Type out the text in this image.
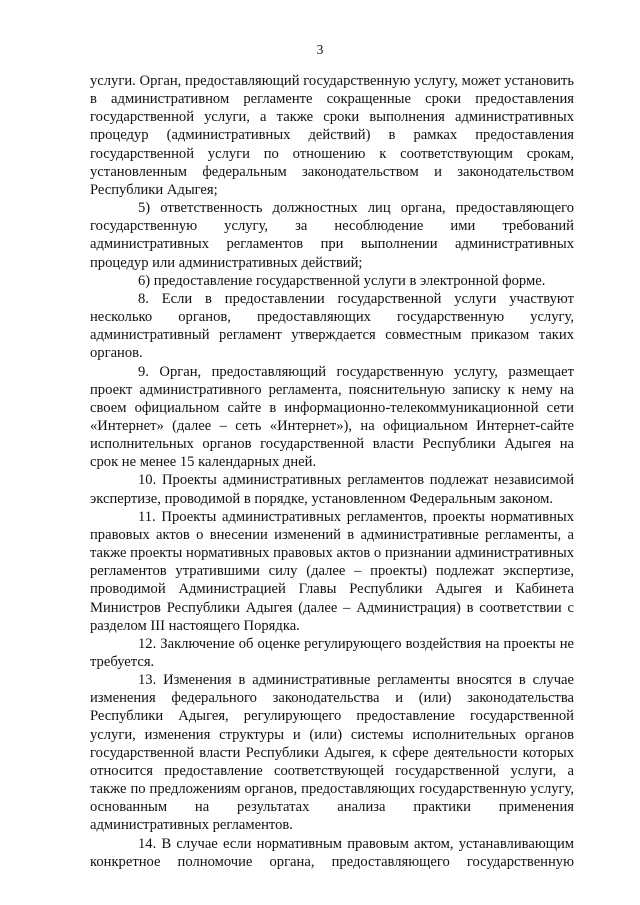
3

услуги. Орган, предоставляющий государственную услугу, может установить в административном регламенте сокращенные сроки предоставления государственной услуги, а также сроки выполнения административных процедур (административных действий) в рамках предоставления государственной услуги по отношению к соответствующим срокам, установленным федеральным законодательством и законодательством Республики Адыгея;

5) ответственность должностных лиц органа, предоставляющего государственную услугу, за несоблюдение ими требований административных регламентов при выполнении административных процедур или административных действий;

6) предоставление государственной услуги в электронной форме.

8. Если в предоставлении государственной услуги участвуют несколько органов, предоставляющих государственную услугу, административный регламент утверждается совместным приказом таких органов.

9. Орган, предоставляющий государственную услугу, размещает проект административного регламента, пояснительную записку к нему на своем официальном сайте в информационно-телекоммуникационной сети «Интернет» (далее – сеть «Интернет»), на официальном Интернет-сайте исполнительных органов государственной власти Республики Адыгея на срок не менее 15 календарных дней.

10. Проекты административных регламентов подлежат независимой экспертизе, проводимой в порядке, установленном Федеральным законом.

11. Проекты административных регламентов, проекты нормативных правовых актов о внесении изменений в административные регламенты, а также проекты нормативных правовых актов о признании административных регламентов утратившими силу (далее – проекты) подлежат экспертизе, проводимой Администрацией Главы Республики Адыгея и Кабинета Министров Республики Адыгея (далее – Администрация) в соответствии с разделом III настоящего Порядка.

12. Заключение об оценке регулирующего воздействия на проекты не требуется.

13. Изменения в административные регламенты вносятся в случае изменения федерального законодательства и (или) законодательства Республики Адыгея, регулирующего предоставление государственной услуги, изменения структуры и (или) системы исполнительных органов государственной власти Республики Адыгея, к сфере деятельности которых относится предоставление соответствующей государственной услуги, а также по предложениям органов, предоставляющих государственную услугу, основанным на результатах анализа практики применения административных регламентов.

14. В случае если нормативным правовым актом, устанавливающим конкретное полномочие органа, предоставляющего государственную
